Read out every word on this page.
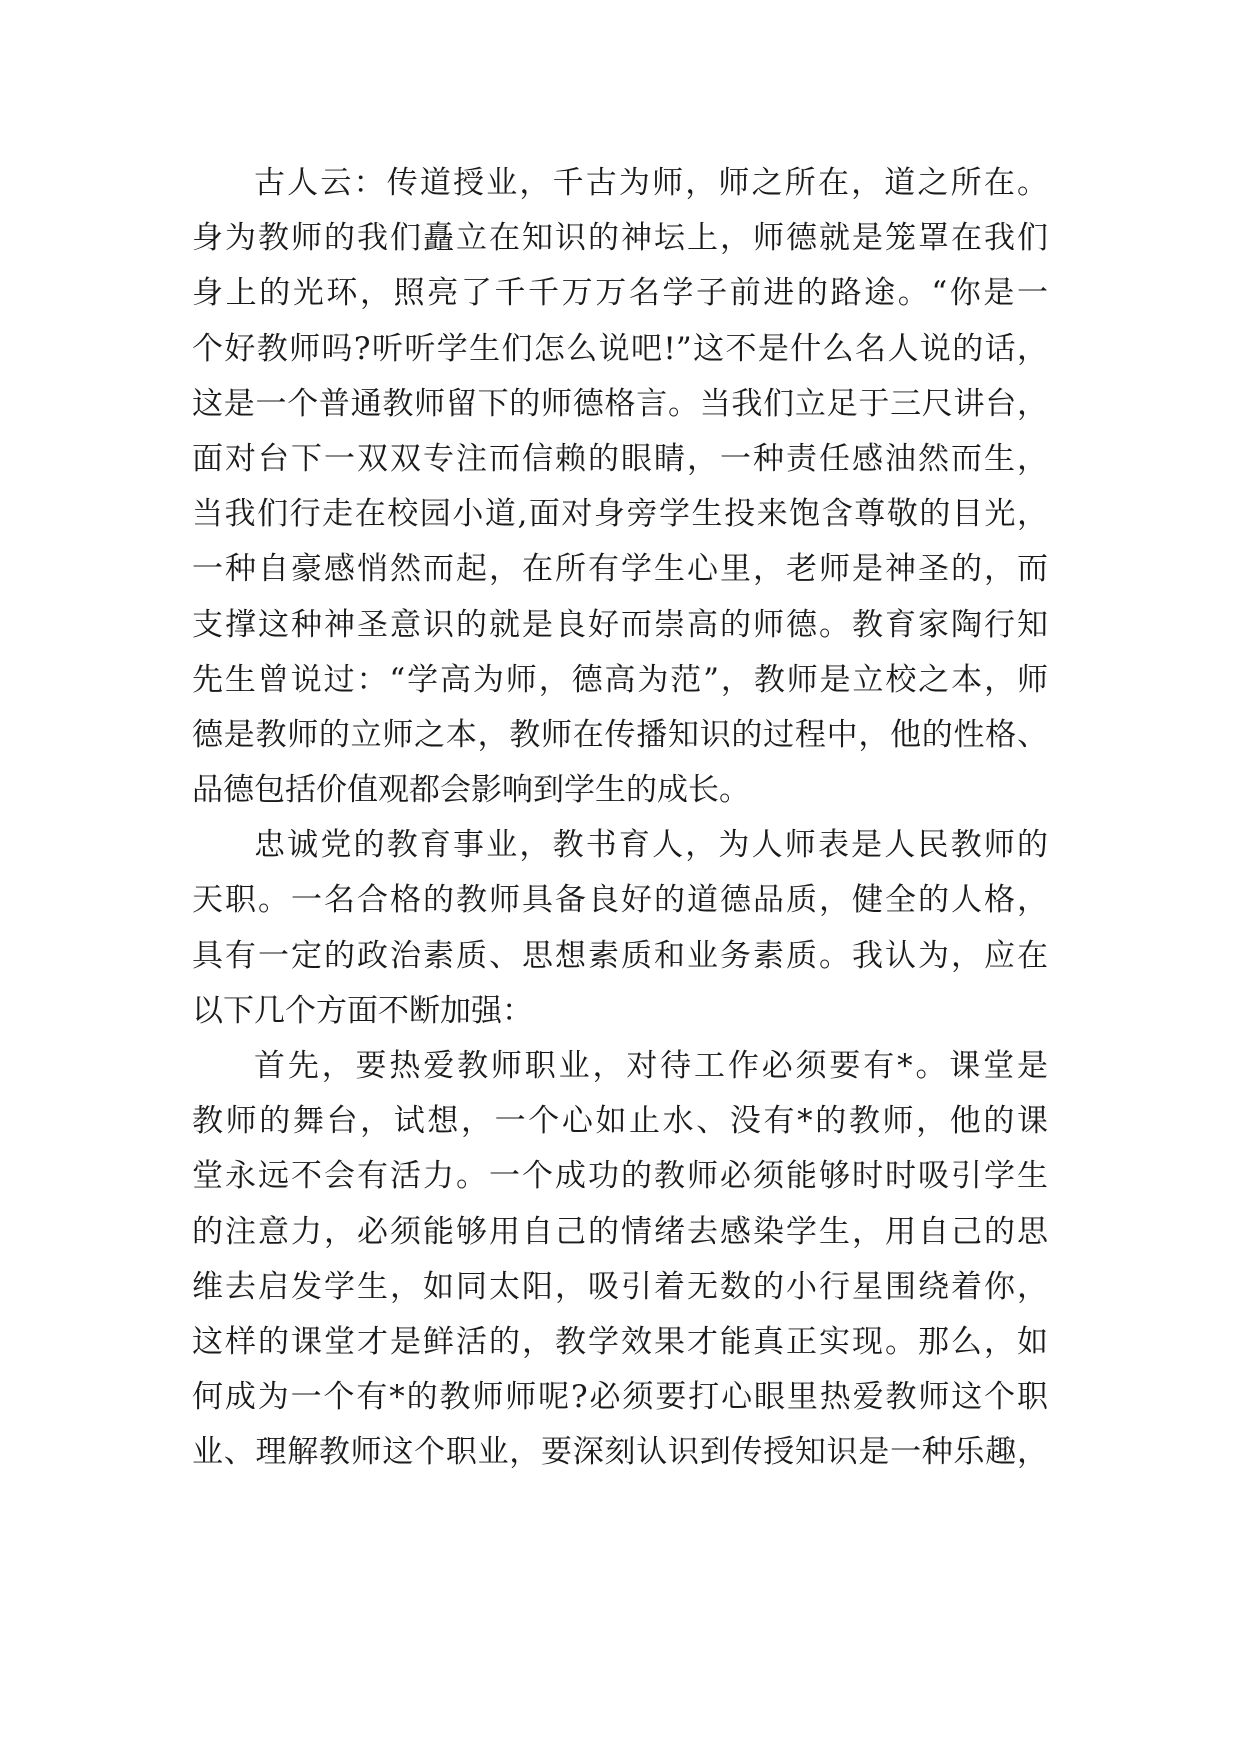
古人云：传道授业，千古为师，师之所在，道之所在。
身为教师的我们矗立在知识的神坛上，师德就是笼罩在我们
身上的光环，照亮了千千万万名学子前进的路途。“你是一
个好教师吗?听听学生们怎么说吧!”这不是什么名人说的话，
这是一个普通教师留下的师德格言。当我们立足于三尺讲台，
面对台下一双双专注而信赖的眼睛，一种责任感油然而生，
当我们行走在校园小道,面对身旁学生投来饱含尊敬的目光，
一种自豪感悄然而起，在所有学生心里，老师是神圣的，而
支撑这种神圣意识的就是良好而崇高的师德。教育家陶行知
先生曾说过：“学高为师，德高为范”，教师是立校之本，师
德是教师的立师之本，教师在传播知识的过程中，他的性格、
品德包括价值观都会影响到学生的成长。
忠诚党的教育事业，教书育人，为人师表是人民教师的
天职。一名合格的教师具备良好的道德品质，健全的人格，
具有一定的政治素质、思想素质和业务素质。我认为，应在
以下几个方面不断加强：
首先，要热爱教师职业，对待工作必须要有*。课堂是
教师的舞台，试想，一个心如止水、没有*的教师，他的课
堂永远不会有活力。一个成功的教师必须能够时时吸引学生
的注意力，必须能够用自己的情绪去感染学生，用自己的思
维去启发学生，如同太阳，吸引着无数的小行星围绕着你，
这样的课堂才是鲜活的，教学效果才能真正实现。那么，如
何成为一个有*的教师师呢?必须要打心眼里热爱教师这个职
业、理解教师这个职业，要深刻认识到传授知识是一种乐趣，
